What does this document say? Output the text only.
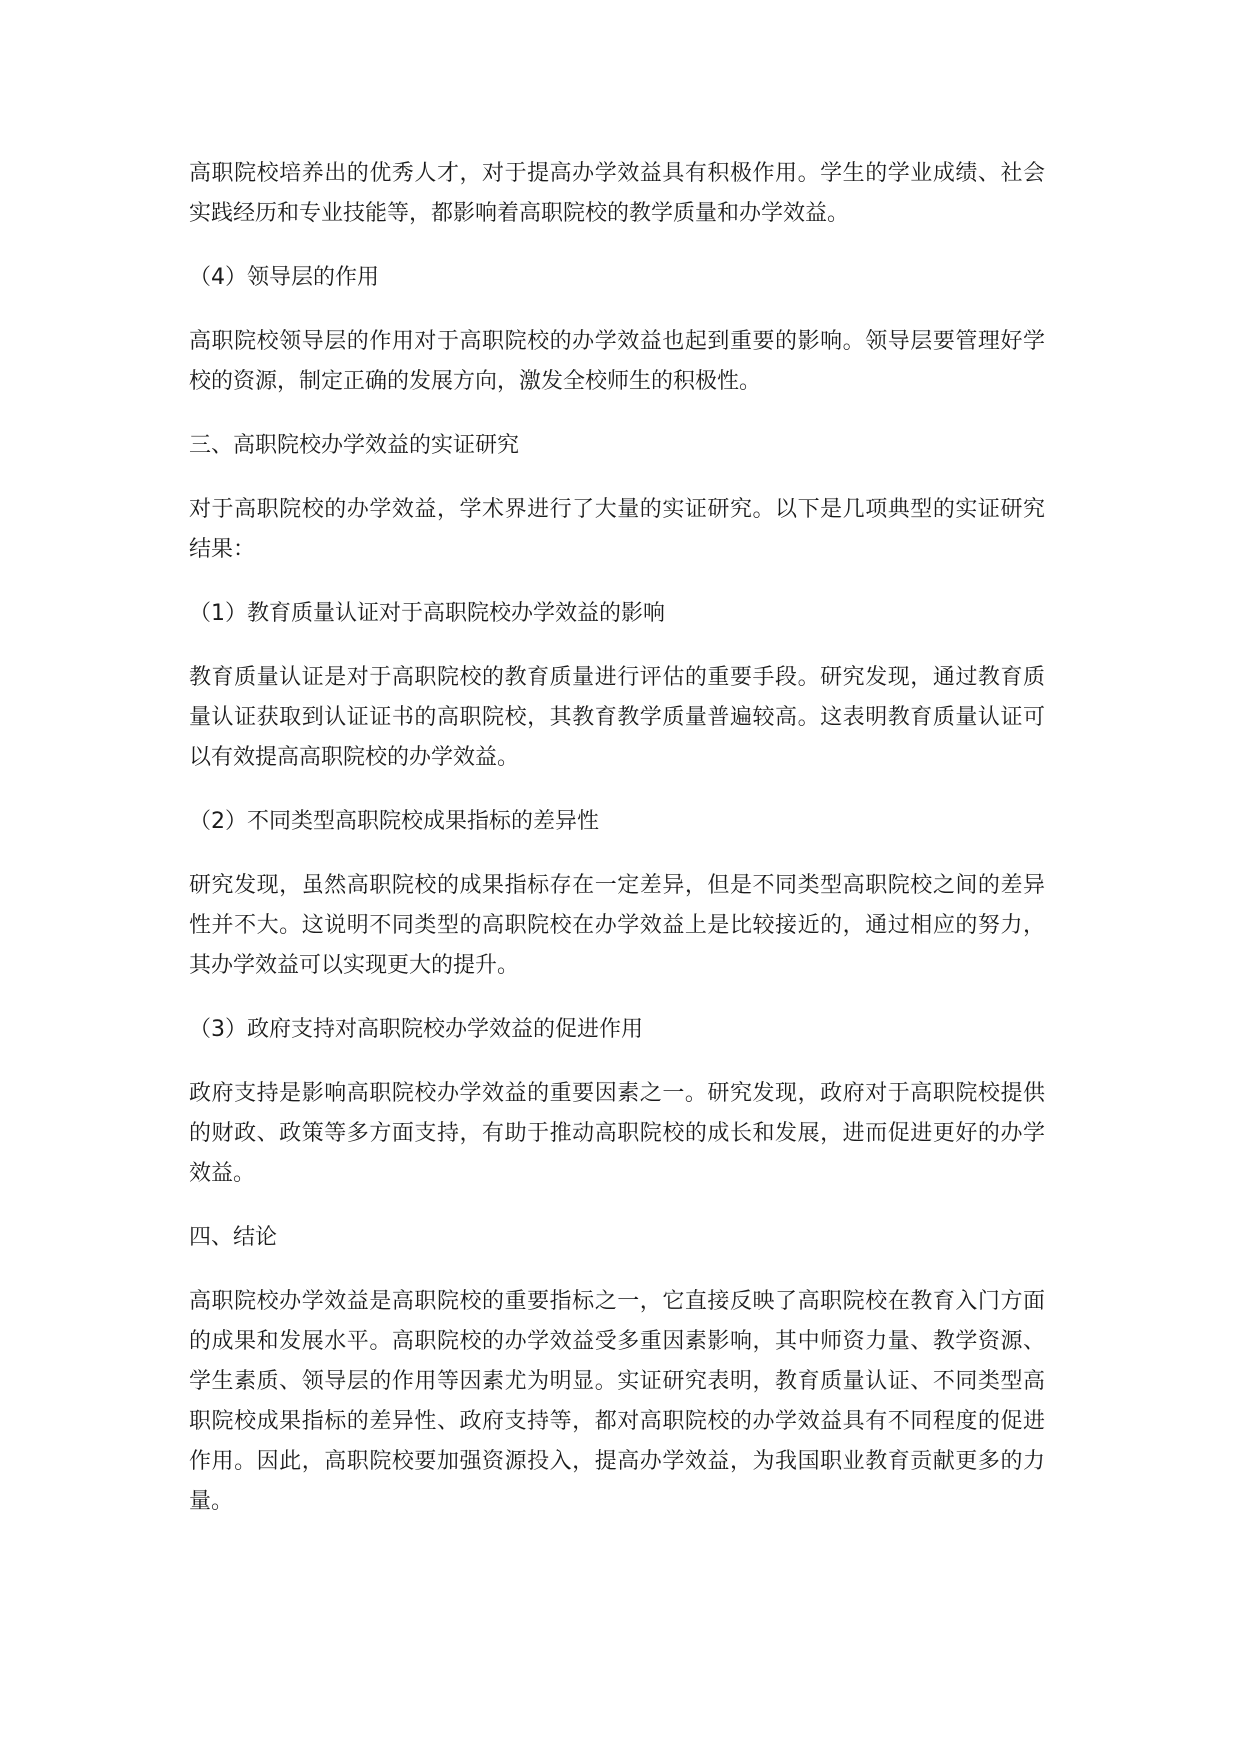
高职院校培养出的优秀人才，对于提高办学效益具有积极作用。学生的学业成绩、社会实践经历和专业技能等，都影响着高职院校的教学质量和办学效益。

（4）领导层的作用

高职院校领导层的作用对于高职院校的办学效益也起到重要的影响。领导层要管理好学校的资源，制定正确的发展方向，激发全校师生的积极性。

三、高职院校办学效益的实证研究

对于高职院校的办学效益，学术界进行了大量的实证研究。以下是几项典型的实证研究结果：

（1）教育质量认证对于高职院校办学效益的影响

教育质量认证是对于高职院校的教育质量进行评估的重要手段。研究发现，通过教育质量认证获取到认证证书的高职院校，其教育教学质量普遍较高。这表明教育质量认证可以有效提高高职院校的办学效益。

（2）不同类型高职院校成果指标的差异性

研究发现，虽然高职院校的成果指标存在一定差异，但是不同类型高职院校之间的差异性并不大。这说明不同类型的高职院校在办学效益上是比较接近的，通过相应的努力，其办学效益可以实现更大的提升。

（3）政府支持对高职院校办学效益的促进作用

政府支持是影响高职院校办学效益的重要因素之一。研究发现，政府对于高职院校提供的财政、政策等多方面支持，有助于推动高职院校的成长和发展，进而促进更好的办学效益。

四、结论

高职院校办学效益是高职院校的重要指标之一，它直接反映了高职院校在教育入门方面的成果和发展水平。高职院校的办学效益受多重因素影响，其中师资力量、教学资源、学生素质、领导层的作用等因素尤为明显。实证研究表明，教育质量认证、不同类型高职院校成果指标的差异性、政府支持等，都对高职院校的办学效益具有不同程度的促进作用。因此，高职院校要加强资源投入，提高办学效益，为我国职业教育贡献更多的力量。
